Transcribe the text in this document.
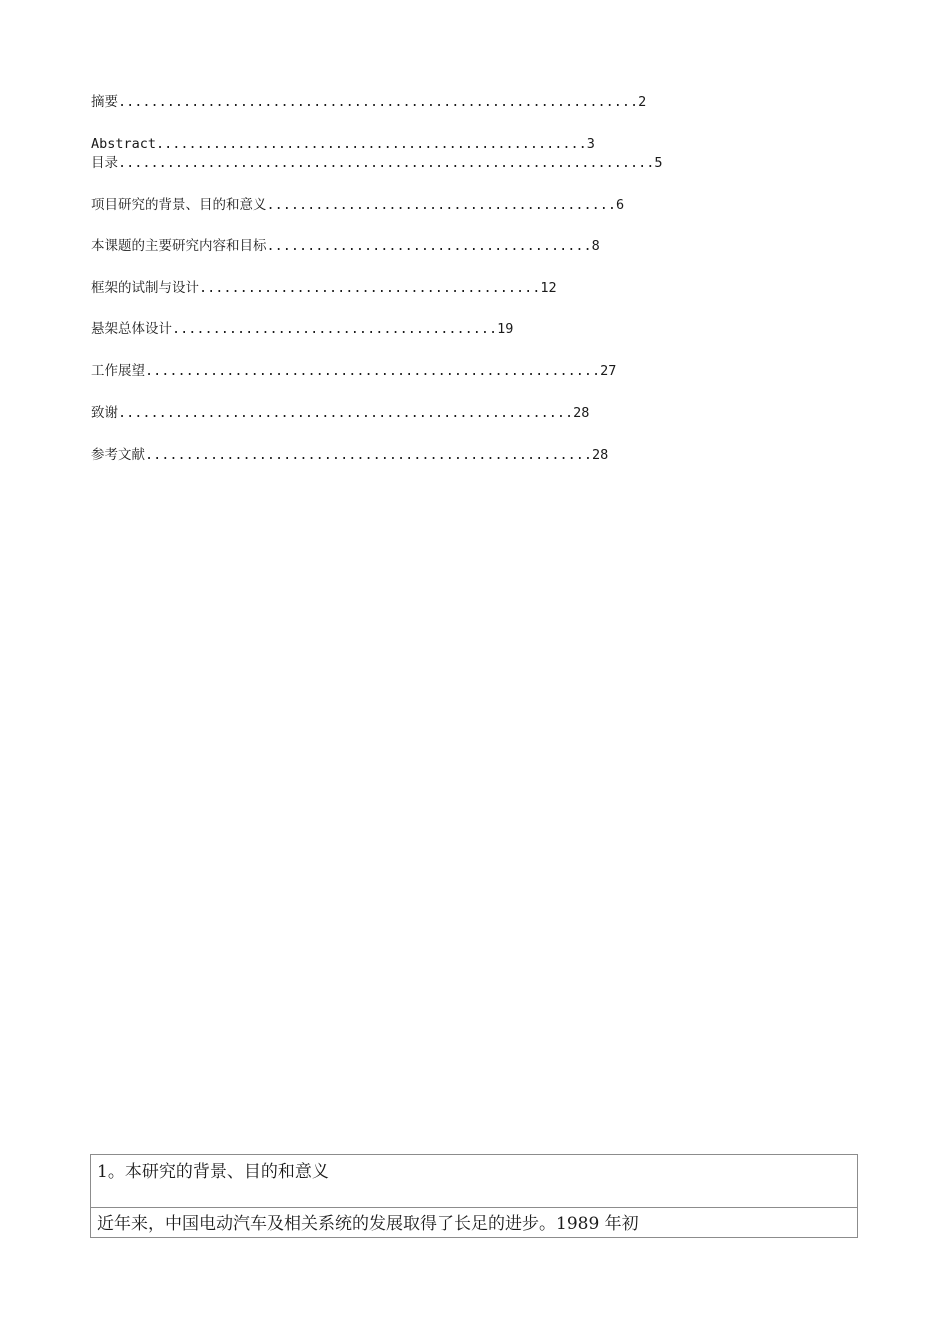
摘要................................................................2
Abstract.....................................................3
目录..................................................................5
项目研究的背景、目的和意义...........................................6
本课题的主要研究内容和目标........................................8
框架的试制与设计..........................................12
悬架总体设计........................................19
工作展望........................................................27
致谢........................................................28
参考文献.......................................................28
1。本研究的背景、目的和意义
近年来，中国电动汽车及相关系统的发展取得了长足的进步。1989 年初
